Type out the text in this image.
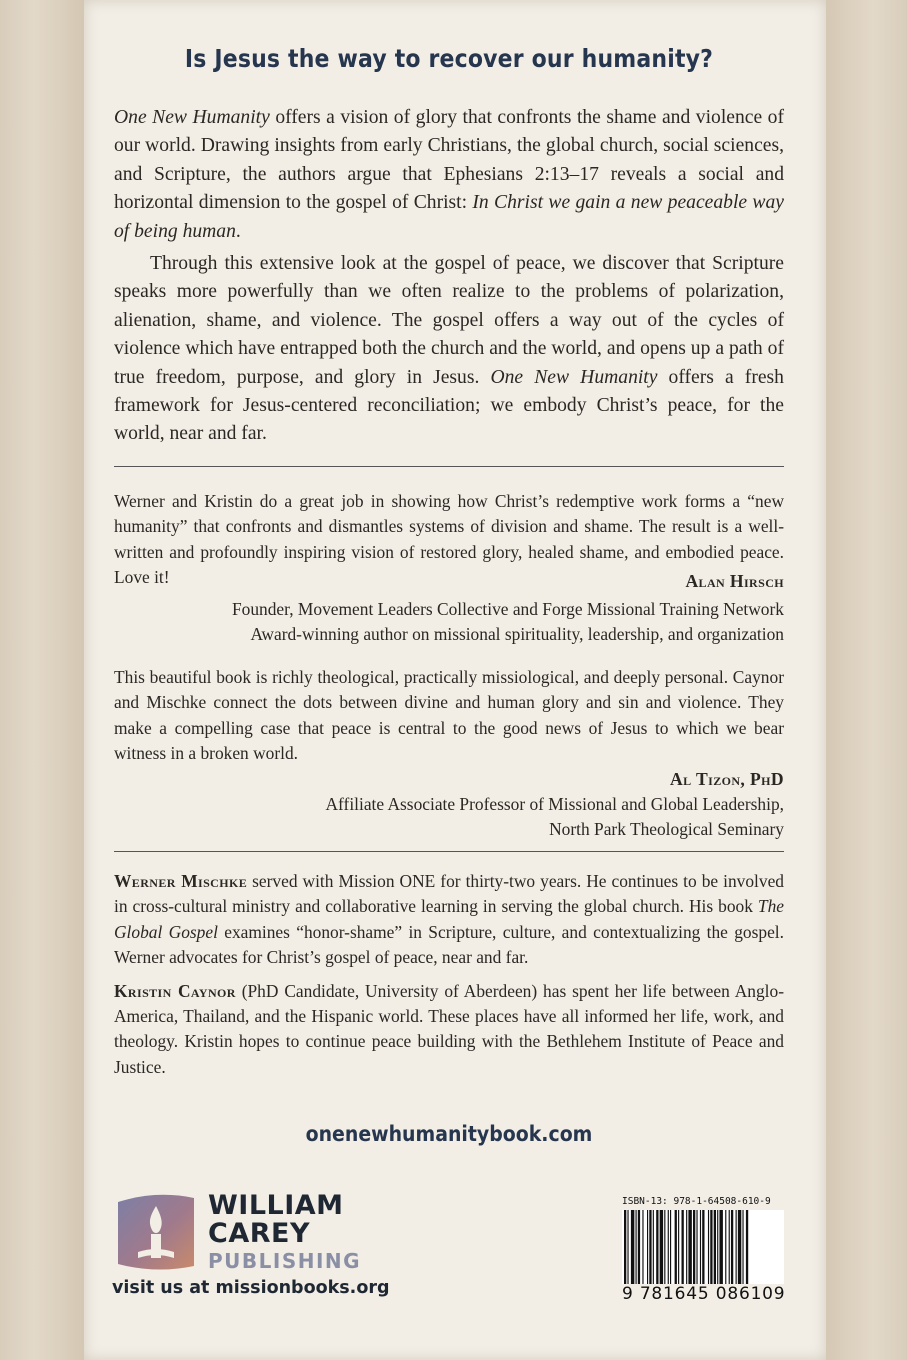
Is Jesus the way to recover our humanity?

One New Humanity offers a vision of glory that confronts the shame and violence of our world. Drawing insights from early Christians, the global church, social sciences, and Scripture, the authors argue that Ephesians 2:13–17 reveals a social and horizontal dimension to the gospel of Christ: In Christ we gain a new peaceable way of being human.

Through this extensive look at the gospel of peace, we discover that Scripture speaks more powerfully than we often realize to the problems of polarization, alienation, shame, and violence. The gospel offers a way out of the cycles of violence which have entrapped both the church and the world, and opens up a path of true freedom, purpose, and glory in Jesus. One New Humanity offers a fresh framework for Jesus-centered reconciliation; we embody Christ’s peace, for the world, near and far.

Werner and Kristin do a great job in showing how Christ’s redemptive work forms a “new humanity” that confronts and dismantles systems of division and shame. The result is a well-written and profoundly inspiring vision of restored glory, healed shame, and embodied peace. Love it!	Alan Hirsch
Founder, Movement Leaders Collective and Forge Missional Training Network
Award-winning author on missional spirituality, leadership, and organization

This beautiful book is richly theological, practically missiological, and deeply personal. Caynor and Mischke connect the dots between divine and human glory and sin and violence. They make a compelling case that peace is central to the good news of Jesus to which we bear witness in a broken world.

Al Tizon, PhD
Affiliate Associate Professor of Missional and Global Leadership,
North Park Theological Seminary

Werner Mischke served with Mission ONE for thirty-two years. He continues to be involved in cross-cultural ministry and collaborative learning in serving the global church. His book The Global Gospel examines “honor-shame” in Scripture, culture, and contextualizing the gospel. Werner advocates for Christ’s gospel of peace, near and far.

Kristin Caynor (PhD Candidate, University of Aberdeen) has spent her life between Anglo-America, Thailand, and the Hispanic world. These places have all informed her life, work, and theology. Kristin hopes to continue peace building with the Bethlehem Institute of Peace and Justice.

onenewhumanitybook.com
WILLIAM
CAREY
PUBLISHING
visit us at missionbooks.org
ISBN-13: 978-1-64508-610-9
9 781645 086109
